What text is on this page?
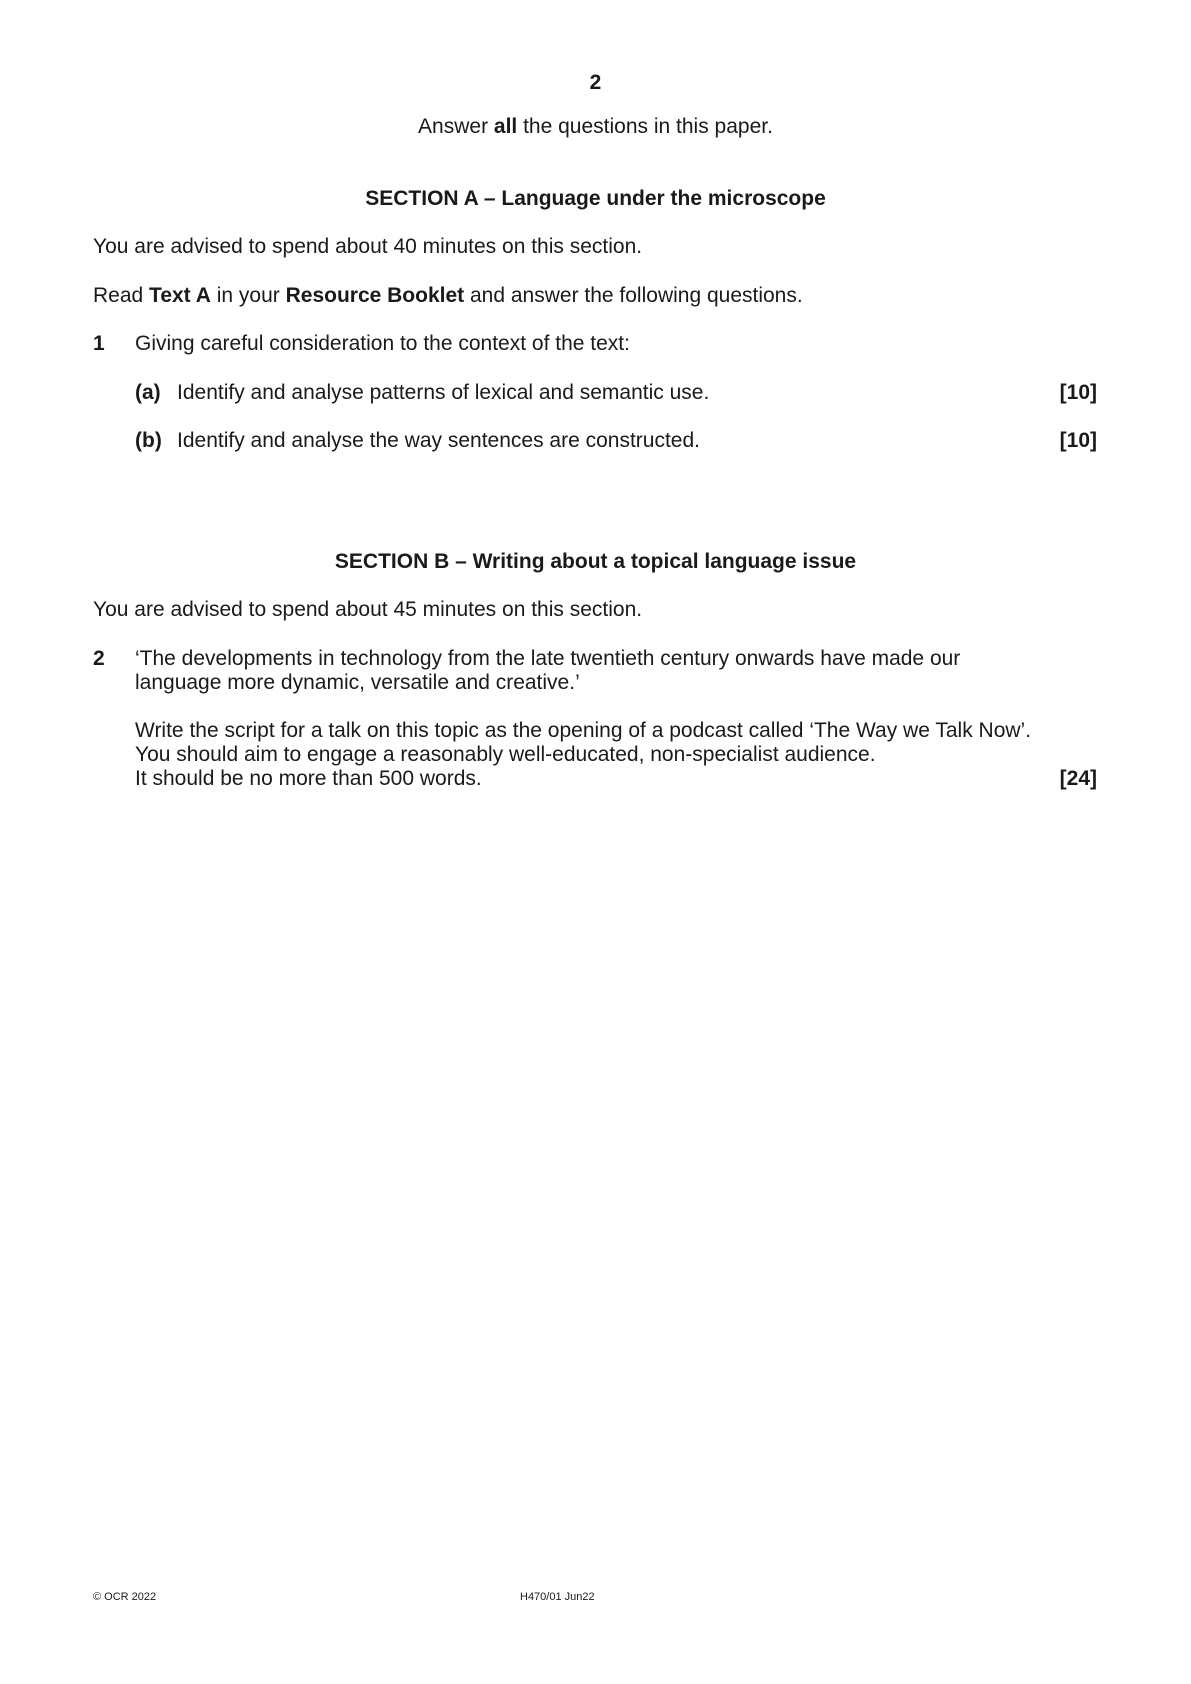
2
Answer all the questions in this paper.
SECTION A – Language under the microscope
You are advised to spend about 40 minutes on this section.
Read Text A in your Resource Booklet and answer the following questions.
1 Giving careful consideration to the context of the text:
(a) Identify and analyse patterns of lexical and semantic use.	[10]
(b) Identify and analyse the way sentences are constructed.	[10]
SECTION B – Writing about a topical language issue
You are advised to spend about 45 minutes on this section.
2 ‘The developments in technology from the late twentieth century onwards have made our
language more dynamic, versatile and creative.’
Write the script for a talk on this topic as the opening of a podcast called ‘The Way we Talk Now’.
You should aim to engage a reasonably well-educated, non-specialist audience.
It should be no more than 500 words.	[24]
© OCR 2022	H470/01 Jun22
